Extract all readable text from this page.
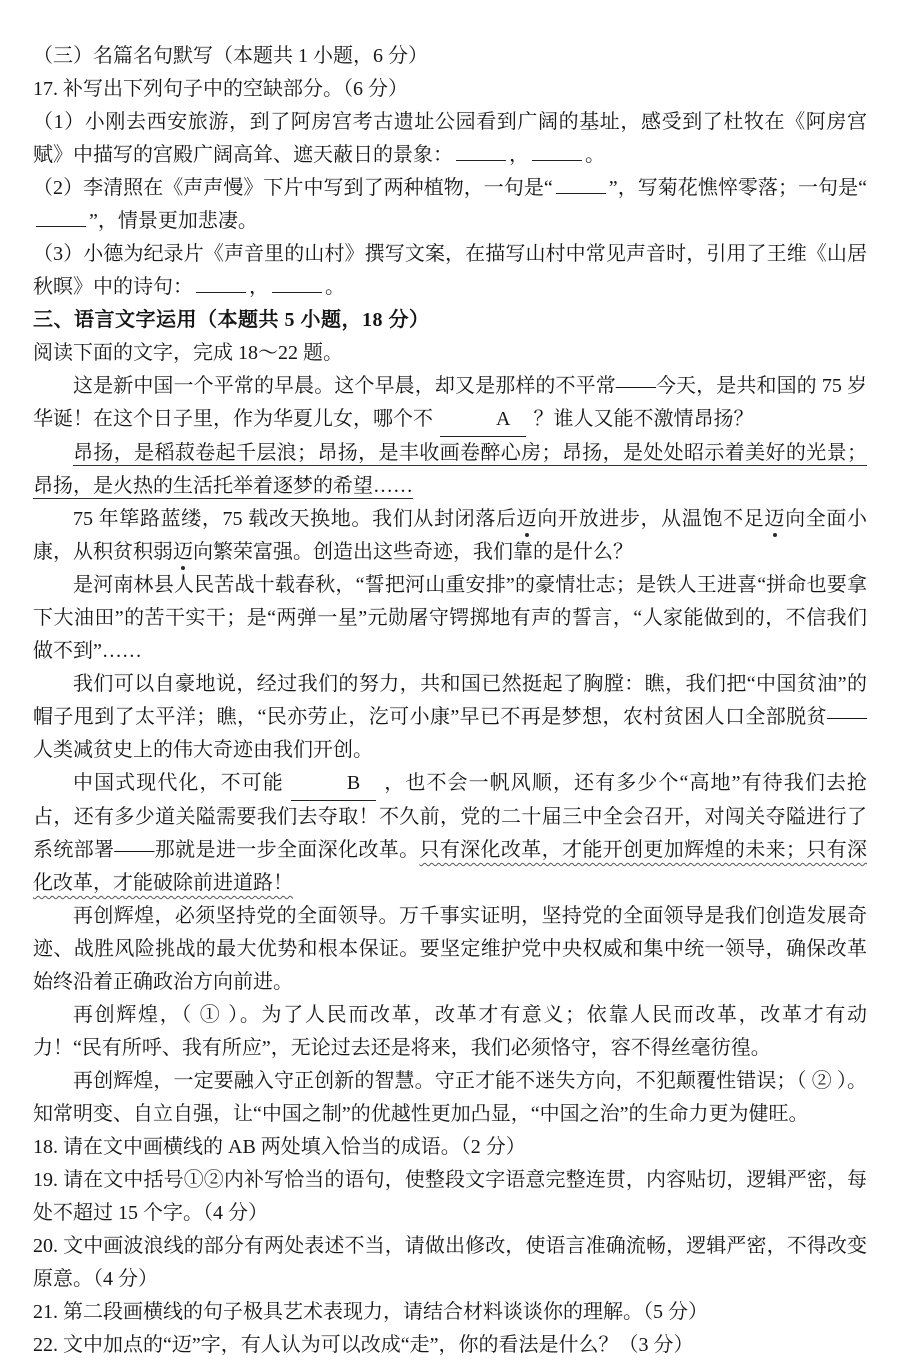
（三）名篇名句默写（本题共 1 小题，6 分）

17. 补写出下列句子中的空缺部分。（6 分）

（1）小刚去西安旅游，到了阿房宫考古遗址公园看到广阔的基址，感受到了杜牧在《阿房宫赋》中描写的宫殿广阔高耸、遮天蔽日的景象：	，	。

（2）李清照在《声声慢》下片中写到了两种植物，一句是“	”，写菊花憔悴零落；一句是“”，情景更加悲凄。

（3）小德为纪录片《声音里的山村》撰写文案，在描写山村中常见声音时，引用了王维《山居秋暝》中的诗句：	，	。

三、语言文字运用（本题共 5 小题，18 分）

阅读下面的文字，完成 18～22 题。

这是新中国一个平常的早晨。这个早晨，却又是那样的不平常——今天，是共和国的 75 岁华诞！在这个日子里，作为华夏儿女，哪个不	A ？谁人又能不激情昂扬？

昂扬，是稻菽卷起千层浪；昂扬，是丰收画卷醉心房；昂扬，是处处昭示着美好的光景；昂扬，是火热的生活托举着逐梦的希望……

75 年筚路蓝缕，75 载改天换地。我们从封闭落后迈向开放进步，从温饱不足迈向全面小康，从积贫积弱迈向繁荣富强。创造出这些奇迹，我们靠的是什么？

是河南林县人民苦战十载春秋，“誓把河山重安排”的豪情壮志；是铁人王进喜“拼命也要拿下大油田”的苦干实干；是“两弹一星”元勋屠守锷掷地有声的誓言，“人家能做到的，不信我们做不到”……

我们可以自豪地说，经过我们的努力，共和国已然挺起了胸膛：瞧，我们把“中国贫油”的帽子甩到了太平洋；瞧，“民亦劳止，汔可小康”早已不再是梦想，农村贫困人口全部脱贫——人类减贫史上的伟大奇迹由我们开创。

中国式现代化，不可能	B ，也不会一帆风顺，还有多少个“高地”有待我们去抢占，还有多少道关隘需要我们去夺取！不久前，党的二十届三中全会召开，对闯关夺隘进行了系统部署——那就是进一步全面深化改革。只有深化改革，才能开创更加辉煌的未来；只有深化改革，才能破除前进道路！

再创辉煌，必须坚持党的全面领导。万千事实证明，坚持党的全面领导是我们创造发展奇迹、战胜风险挑战的最大优势和根本保证。要坚定维护党中央权威和集中统一领导，确保改革始终沿着正确政治方向前进。

再创辉煌，（ ① ）。为了人民而改革，改革才有意义；依靠人民而改革，改革才有动力！“民有所呼、我有所应”，无论过去还是将来，我们必须恪守，容不得丝毫彷徨。

再创辉煌，一定要融入守正创新的智慧。守正才能不迷失方向，不犯颠覆性错误；（ ② ）。知常明变、自立自强，让“中国之制”的优越性更加凸显，“中国之治”的生命力更为健旺。

18. 请在文中画横线的 AB 两处填入恰当的成语。（2 分）

19. 请在文中括号①②内补写恰当的语句，使整段文字语意完整连贯，内容贴切，逻辑严密，每处不超过 15 个字。（4 分）

20. 文中画波浪线的部分有两处表述不当，请做出修改，使语言准确流畅，逻辑严密，不得改变原意。（4 分）

21. 第二段画横线的句子极具艺术表现力，请结合材料谈谈你的理解。（5 分）

22. 文中加点的“迈”字，有人认为可以改成“走”，你的看法是什么？（3 分）
